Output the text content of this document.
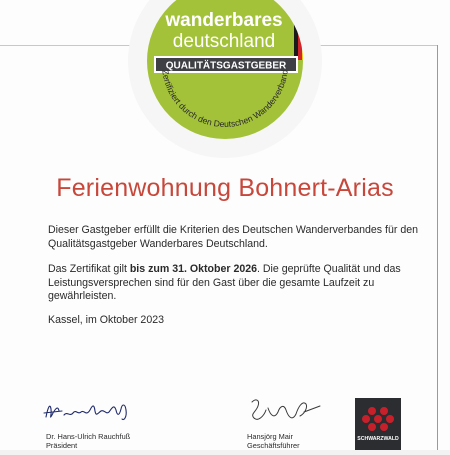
wanderbares
deutschland
QUALITÄTSGASTGEBER
Zertifiziert durch den Deutschen Wanderverband
Ferienwohnung Bohnert-Arias

Dieser Gastgeber erfüllt die Kriterien des Deutschen Wanderverbandes für den Qualitätsgastgeber Wanderbares Deutschland.

Das Zertifikat gilt bis zum 31. Oktober 2026. Die geprüfte Qualität und das Leistungsversprechen sind für den Gast über die gesamte Laufzeit zu gewährleisten.

Kassel, im Oktober 2023

Dr. Hans-Ulrich Rauchfuß
Präsident
Hansjörg Mair
Geschäftsführer
SCHWARZWALD
